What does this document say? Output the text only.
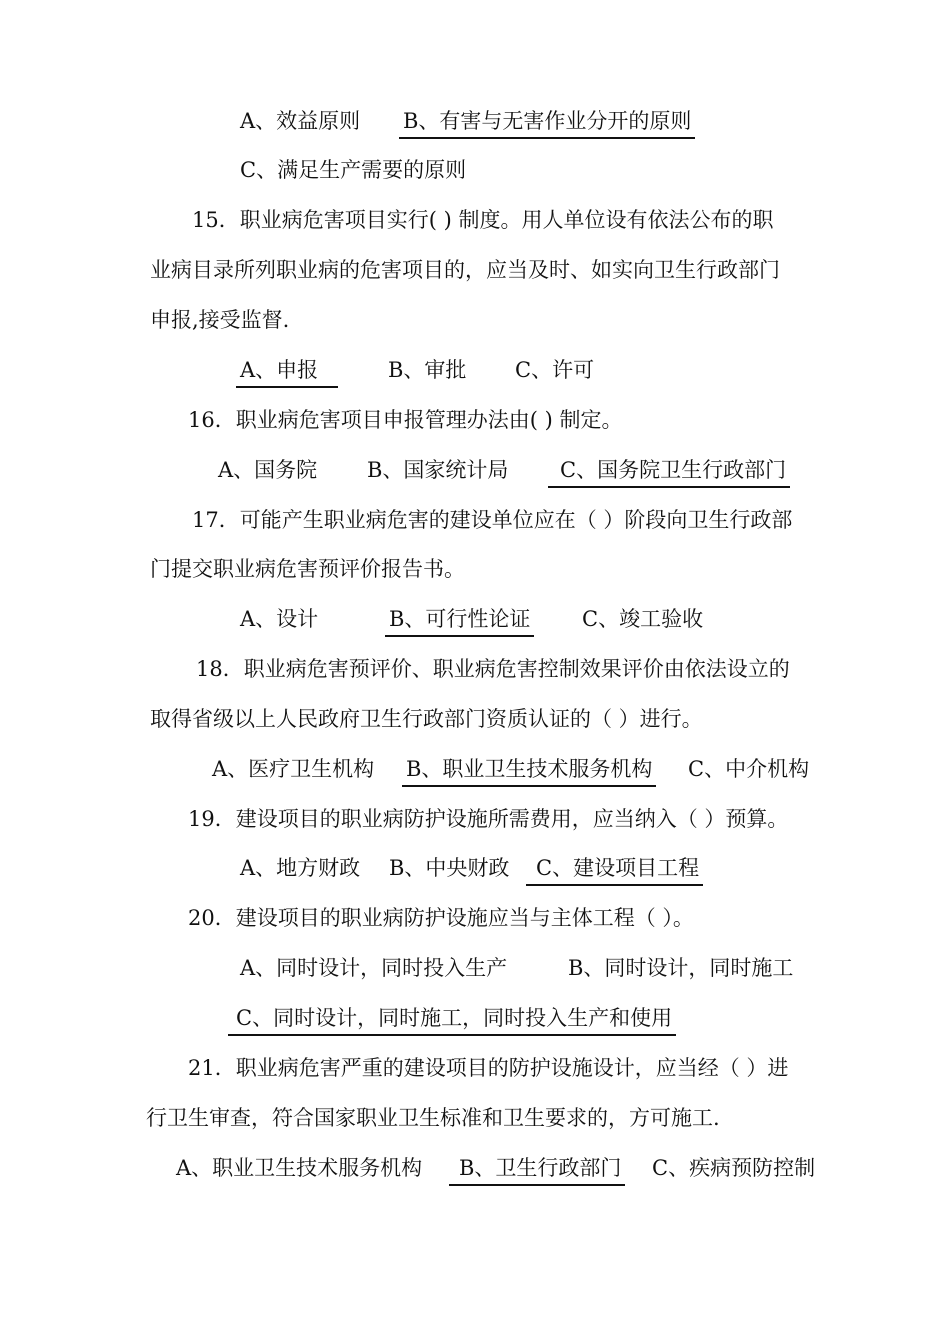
A、效益原则 B、有害与无害作业分开的原则
C、满足生产需要的原则
15．职业病危害项目实行( ) 制度。用人单位设有依法公布的职
业病目录所列职业病的危害项目的，应当及时、如实向卫生行政部门
申报,接受监督.
A、申报	B、审批 C、许可
16．职业病危害项目申报管理办法由( ) 制定。
A、国务院 B、国家统计局	C、国务院卫生行政部门
17．可能产生职业病危害的建设单位应在（ ）阶段向卫生行政部
门提交职业病危害预评价报告书。
A、设计	B、可行性论证 C、竣工验收
18．职业病危害预评价、职业病危害控制效果评价由依法设立的
取得省级以上人民政府卫生行政部门资质认证的（ ）进行。
A、医疗卫生机构 B、职业卫生技术服务机构 C、中介机构
19．建设项目的职业病防护设施所需费用，应当纳入（ ）预算。
A、地方财政 B、中央财政	C、建设项目工程
20．建设项目的职业病防护设施应当与主体工程（ ）。
A、同时设计，同时投入生产	B、同时设计，同时施工
C、同时设计，同时施工，同时投入生产和使用
21．职业病危害严重的建设项目的防护设施设计，应当经（ ）进
行卫生审查，符合国家职业卫生标准和卫生要求的，方可施工.
A、职业卫生技术服务机构	B、卫生行政部门 C、疾病预防控制
